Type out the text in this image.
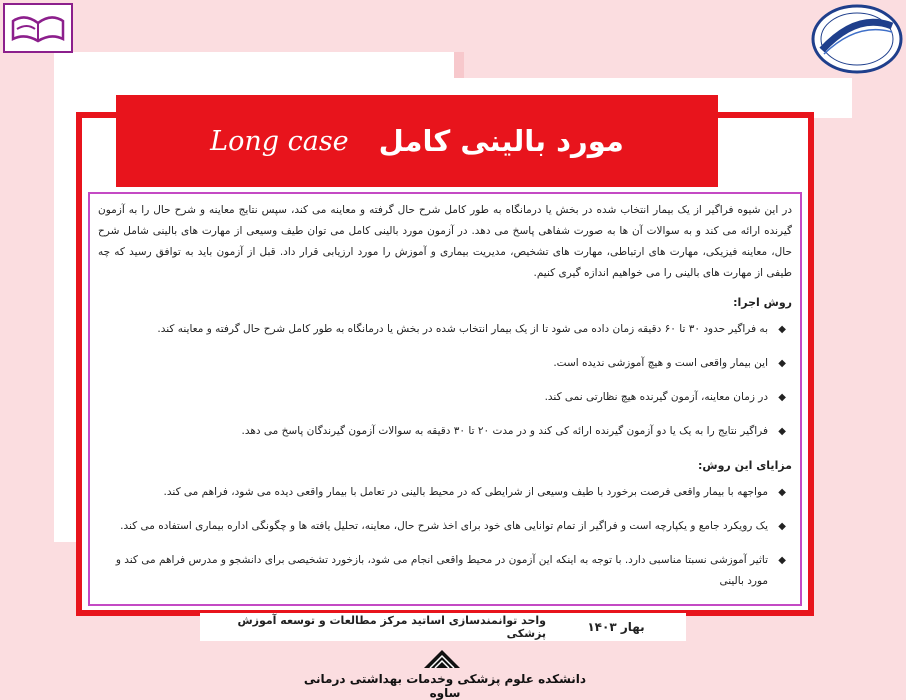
مورد بالینی کامل
Long case

در این شیوه فراگیر از یک بیمار انتخاب شده در بخش یا درمانگاه به طور کامل شرح حال گرفته و معاینه می کند، سپس نتایج معاینه و شرح حال را به آزمون گیرنده ارائه می کند و به سوالات آن ها به صورت شفاهی پاسخ می دهد. در آزمون مورد بالینی کامل می توان طیف وسیعی از مهارت های بالینی شامل شرح حال، معاینه فیزیکی، مهارت های ارتباطی، مهارت های تشخیص، مدیریت بیماری و آموزش را مورد ارزیابی قرار داد. قبل از آزمون باید به توافق رسید که چه طیفی از مهارت های بالینی را می خواهیم اندازه گیری کنیم.

روش اجرا:
◆
به فراگیر حدود ۳۰ تا ۶۰ دقیقه زمان داده می شود تا از یک بیمار انتخاب شده در بخش یا درمانگاه به طور کامل شرح حال گرفته و معاینه کند.
◆
این بیمار واقعی است و هیچ آموزشی ندیده است.
◆
در زمان معاینه، آزمون گیرنده هیچ نظارتی نمی کند.
◆
فراگیر نتایج را به یک یا دو آزمون گیرنده ارائه کی کند و در مدت ۲۰ تا ۳۰ دقیقه به سوالات آزمون گیرندگان پاسخ می دهد.
مزایای این روش:
◆
مواجهه با بیمار واقعی فرصت برخورد با طیف وسیعی از شرایطی که در محیط بالینی در تعامل با بیمار واقعی دیده می شود، فراهم می کند.
◆
یک رویکرد جامع و یکپارچه است و فراگیر از تمام توانایی های خود برای اخذ شرح حال، معاینه، تحلیل یافته ها و چگونگی اداره بیماری استفاده می کند.
◆
تاثیر آموزشی نسبتا مناسبی دارد. با توجه به اینکه این آزمون در محیط واقعی انجام می شود، بازخورد تشخیصی برای دانشجو و مدرس فراهم می کند و مورد بالینی
بهار ۱۴۰۳
واحد توانمندسازی اساتید مرکز مطالعات و توسعه آموزش پزشکی
دانشکده علوم پزشکی وخدمات بهداشتی درمانی ساوه
